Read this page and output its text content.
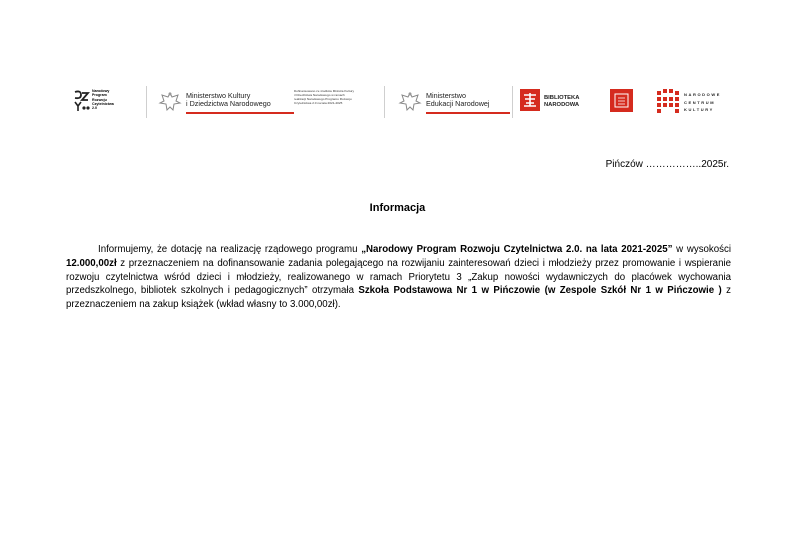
Narodowy
Program
Rozwoju
Czytelnictwa
2.0
Ministerstwo Kultury
i Dziedzictwa Narodowego
Dofinansowano ze środków Ministra Kultury
i Dziedzictwa Narodowego w ramach
realizacji Narodowego Programu Rozwoju
Czytelnictwa 2.0 na lata 2021-2025
Ministerstwo
Edukacji Narodowej
BIBLIOTEKA
NARODOWA
NARODOWE
CENTRUM
KULTURY
Pińczów ……………..2025r.
Informacja

Informujemy, że dotację na realizację rządowego programu „Narodowy Program Rozwoju Czytelnictwa 2.0. na lata 2021-2025” w wysokości 12.000,00zł z przeznaczeniem na dofinansowanie zadania polegającego na rozwijaniu zainteresowań dzieci i młodzieży przez promowanie i wspieranie rozwoju czytelnictwa wśród dzieci i młodzieży, realizowanego w ramach Priorytetu 3 „Zakup nowości wydawniczych do placówek wychowania przedszkolnego, bibliotek szkolnych i pedagogicznych” otrzymała Szkoła Podstawowa Nr 1 w Pińczowie (w Zespole Szkół Nr 1 w Pińczowie ) z przeznaczeniem na zakup książek (wkład własny to 3.000,00zł).
